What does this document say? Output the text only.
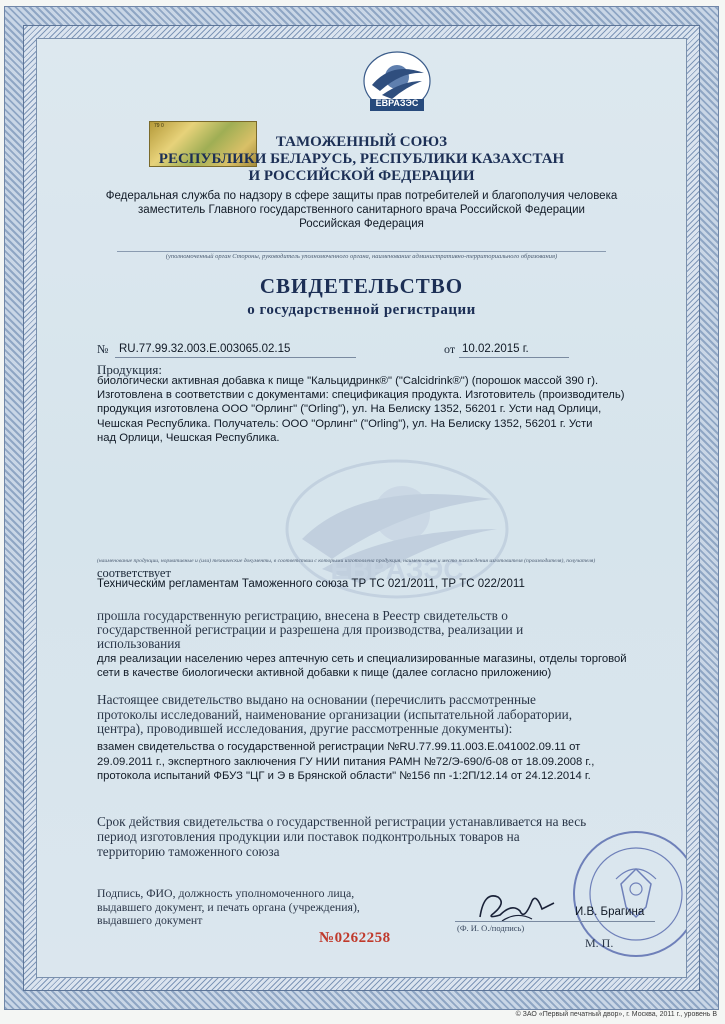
ЕВРАЗЭС
79 0
ТАМОЖЕННЫЙ СОЮЗ
РЕСПУБЛИКИ БЕЛАРУСЬ, РЕСПУБЛИКИ КАЗАХСТАН
И РОССИЙСКОЙ ФЕДЕРАЦИИ
Федеральная служба по надзору в сфере защиты прав потребителей и благополучия человека
заместитель Главного государственного санитарного врача Российской Федерации
Российская Федерация
(уполномоченный орган Стороны, руководитель уполномоченного органа, наименование административно-территориального образования)
СВИДЕТЕЛЬСТВО
о государственной регистрации
№ RU.77.99.32.003.E.003065.02.15	от 10.02.2015 г.
ЕВРАЗЭС
Продукция:
биологически активная добавка к пище "Кальцидринк®" ("Calcidrink®") (порошок массой 390 г).
Изготовлена в соответствии с документами: спецификация продукта. Изготовитель (производитель)
продукция изготовлена ООО "Орлинг" ("Orling"), ул. На Белиску 1352, 56201 г. Усти над Орлици,
Чешская Республика. Получатель: ООО "Орлинг" ("Orling"), ул. На Белиску 1352, 56201 г. Усти
над Орлици, Чешская Республика.
(наименование продукции, нормативные и (или) технические документы, в соответствии с которыми изготовлена продукция, наименование и место нахождения изготовителя (производителя), получателя)
соответствует
Техническим регламентам Таможенного союза ТР ТС 021/2011, ТР ТС 022/2011
прошла государственную регистрацию, внесена в Реестр свидетельств о
государственной регистрации и разрешена для производства, реализации и
использования
для реализации населению через аптечную сеть и специализированные магазины, отделы торговой
сети в качестве биологически активной добавки к пище (далее согласно приложению)
Настоящее свидетельство выдано на основании (перечислить рассмотренные
протоколы исследований, наименование организации (испытательной лаборатории,
центра), проводившей исследования, другие рассмотренные документы):
взамен свидетельства о государственной регистрации №RU.77.99.11.003.E.041002.09.11 от
29.09.2011 г., экспертного заключения ГУ НИИ питания РАМН №72/Э-690/б-08 от 18.09.2008 г.,
протокола испытаний ФБУЗ "ЦГ и Э в Брянской области" №156 пп -1:2П/12.14 от 24.12.2014 г.
Срок действия свидетельства о государственной регистрации устанавливается на весь
период изготовления продукции или поставок подконтрольных товаров на
территорию таможенного союза
Подпись, ФИО, должность уполномоченного лица,
выдавшего документ, и печать органа (учреждения),
выдавшего документ
И.В. Брагина
(Ф. И. О./подпись)
М. П.
№0262258
© ЗАО «Первый печатный двор», г. Москва, 2011 г., уровень В
